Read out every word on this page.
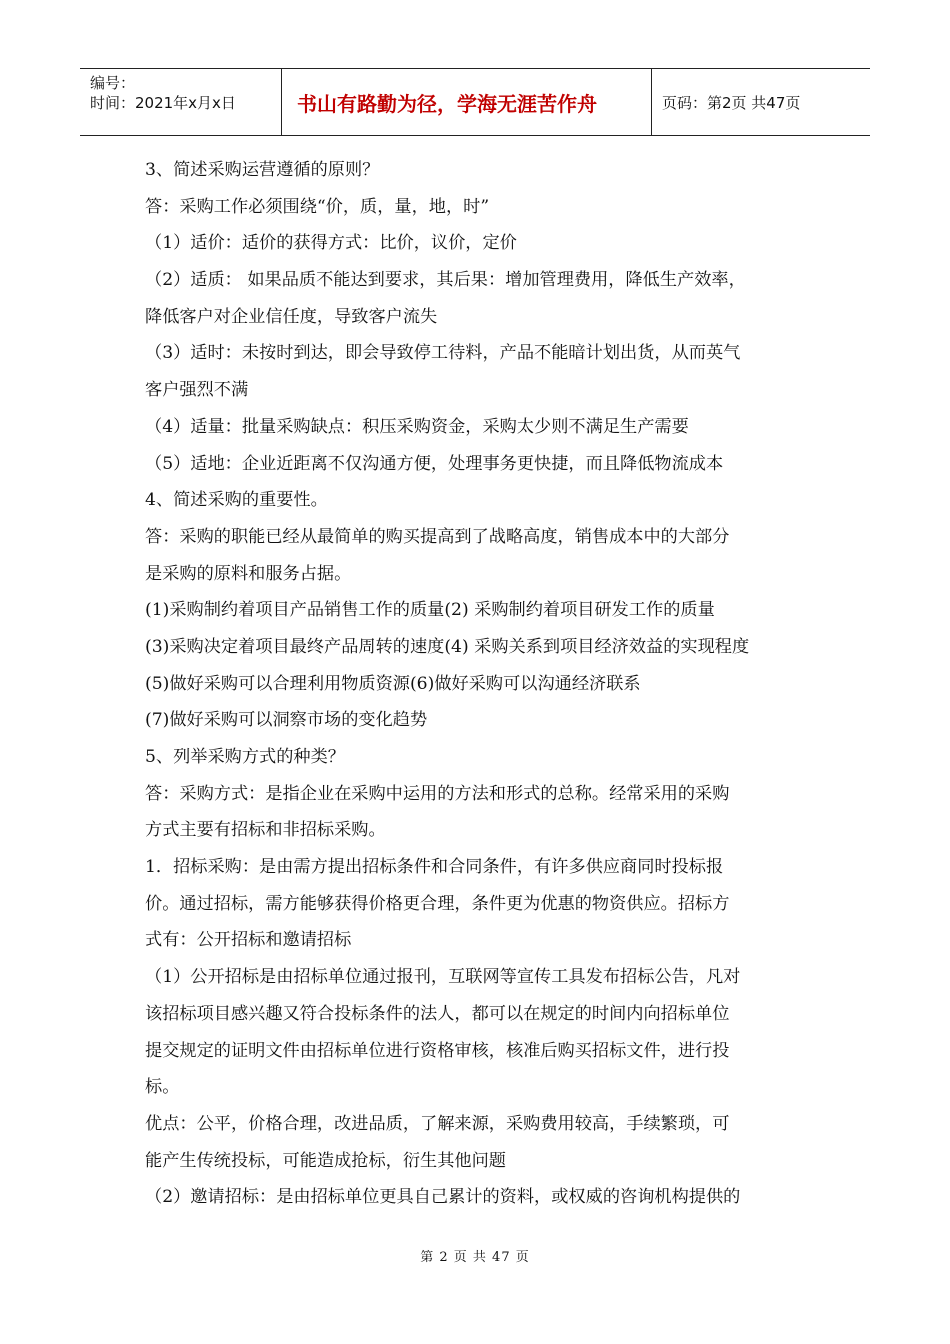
编号：
时间：2021年x月x日	书山有路勤为径，学海无涯苦作舟	页码：第2页 共47页
3、简述采购运营遵循的原则？
答：采购工作必须围绕“价，质，量，地，时”
（1）适价：适价的获得方式：比价，议价，定价
（2）适质： 如果品质不能达到要求，其后果：增加管理费用，降低生产效率，
降低客户对企业信任度，导致客户流失
（3）适时：未按时到达，即会导致停工待料，产品不能暗计划出货，从而英气
客户强烈不满
（4）适量：批量采购缺点：积压采购资金，采购太少则不满足生产需要
（5）适地：企业近距离不仅沟通方便，处理事务更快捷，而且降低物流成本
4、简述采购的重要性。
答：采购的职能已经从最简单的购买提高到了战略高度，销售成本中的大部分
是采购的原料和服务占据。
(1)采购制约着项目产品销售工作的质量(2) 采购制约着项目研发工作的质量
(3)采购决定着项目最终产品周转的速度(4) 采购关系到项目经济效益的实现程度
(5)做好采购可以合理利用物质资源(6)做好采购可以沟通经济联系
(7)做好采购可以洞察市场的变化趋势
5、列举采购方式的种类？
答：采购方式：是指企业在采购中运用的方法和形式的总称。经常采用的采购
方式主要有招标和非招标采购。
1．招标采购：是由需方提出招标条件和合同条件，有许多供应商同时投标报
价。通过招标，需方能够获得价格更合理，条件更为优惠的物资供应。招标方
式有：公开招标和邀请招标
（1）公开招标是由招标单位通过报刊，互联网等宣传工具发布招标公告，凡对
该招标项目感兴趣又符合投标条件的法人，都可以在规定的时间内向招标单位
提交规定的证明文件由招标单位进行资格审核，核准后购买招标文件，进行投
标。
优点：公平，价格合理，改进品质，了解来源，采购费用较高，手续繁琐，可
能产生传统投标，可能造成抢标，衍生其他问题
（2）邀请招标：是由招标单位更具自己累计的资料，或权威的咨询机构提供的
第 2 页 共 47 页
